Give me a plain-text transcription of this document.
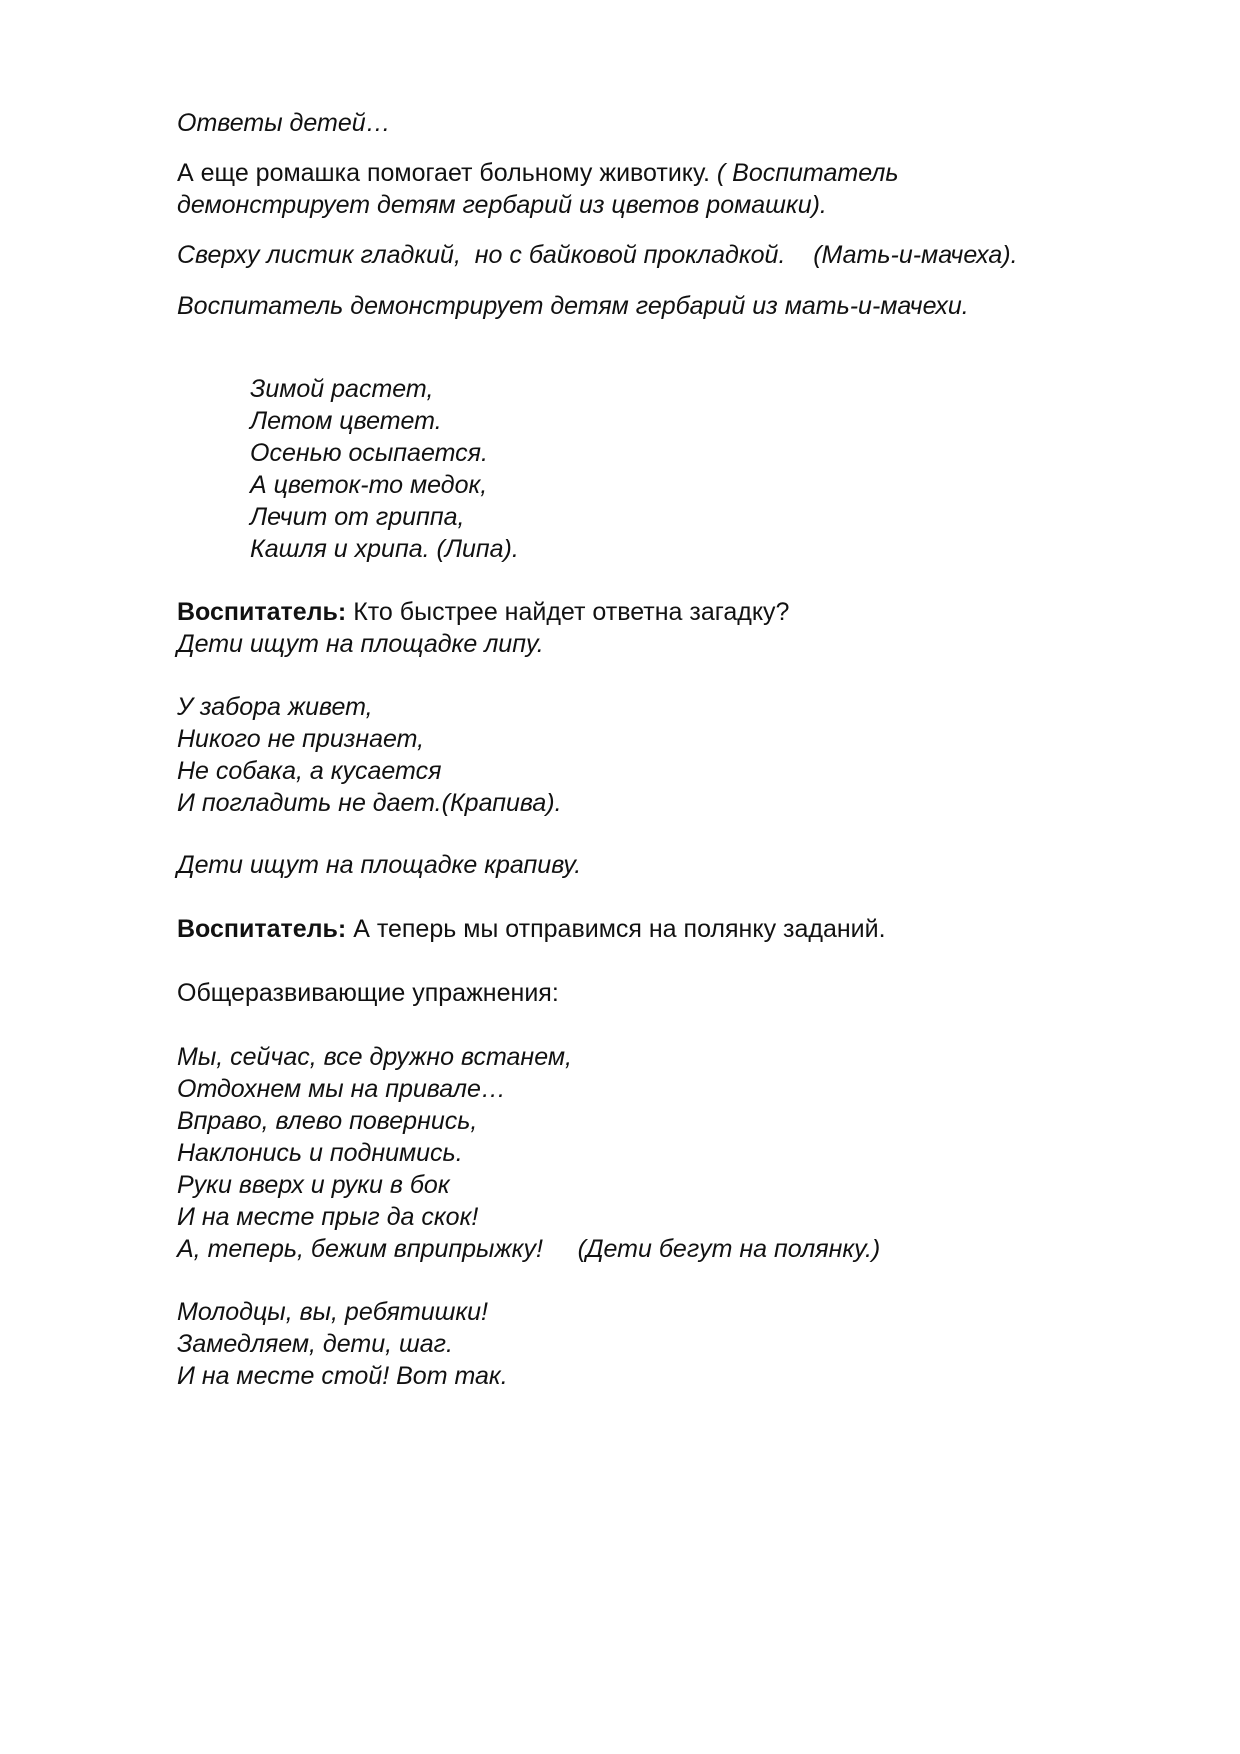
Ответы детей…
А еще ромашка помогает больному животику. ( Воспитатель
демонстрирует детям гербарий из цветов ромашки).
Сверху листик гладкий,  но с байковой прокладкой.    (Мать-и-мачеха).
Воспитатель демонстрирует детям гербарий из мать-и-мачехи.
Зимой растет,
Летом цветет.
Осенью осыпается.
А цветок-то медок,
Лечит от гриппа,
Кашля и хрипа. (Липа).
Воспитатель: Кто быстрее найдет ответна загадку?
Дети ищут на площадке липу.
У забора живет,
Никого не признает,
Не собака, а кусается
И погладить не дает.(Крапива).
Дети ищут на площадке крапиву.
Воспитатель: А теперь мы отправимся на полянку заданий.
Общеразвивающие упражнения:
Мы, сейчас, все дружно встанем,
Отдохнем мы на привале…
Вправо, влево повернись,
Наклонись и поднимись.
Руки вверх и руки в бок
И на месте прыг да скок!
А, теперь, бежим вприпрыжку!     (Дети бегут на полянку.)
Молодцы, вы, ребятишки!
Замедляем, дети, шаг.
И на месте стой! Вот так.
